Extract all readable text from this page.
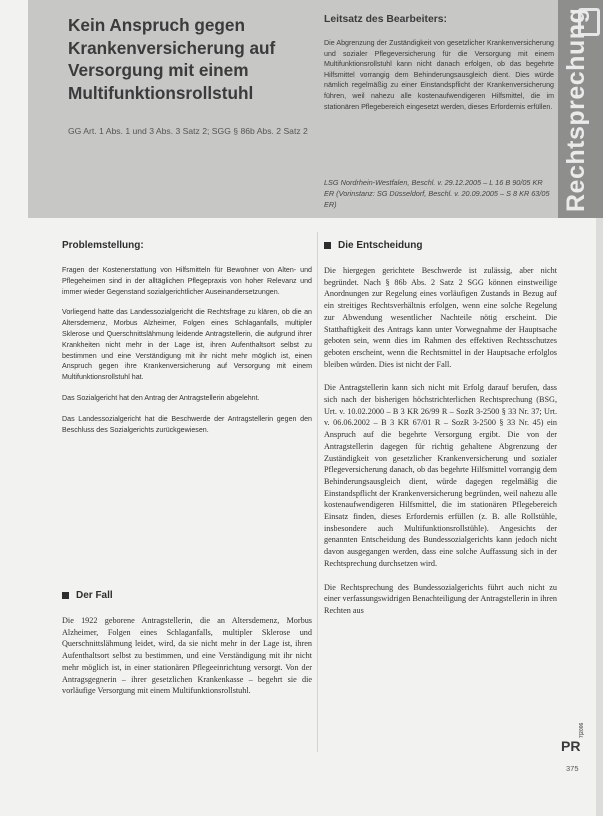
Kein Anspruch gegen Krankenversicherung auf Versorgung mit einem Multifunktionsrollstuhl

GG Art. 1 Abs. 1 und 3 Abs. 3 Satz 2; SGG § 86b Abs. 2 Satz 2

Leitsatz des Bearbeiters:

Die Abgrenzung der Zuständigkeit von gesetzlicher Krankenversicherung und sozialer Pflegeversicherung für die Versorgung mit einem Multifunktionsrollstuhl kann nicht danach erfolgen, ob das begehrte Hilfsmittel vorrangig dem Behinderungsausgleich dient. Dies würde nämlich regelmäßig zu einer Einstandspflicht der Krankenversicherung führen, weil nahezu alle kostenaufwendigeren Hilfsmittel, die im stationären Pflegebereich eingesetzt werden, dieses Erfordernis erfüllen.

LSG Nordrhein-Westfalen, Beschl. v. 29.12.2005 – L 16 B 90/05 KR ER (Vorinstanz: SG Düsseldorf, Beschl. v. 20.09.2005 – S 8 KR 63/05 ER)	Rechtsprechung
Problemstellung:

Fragen der Kostenerstattung von Hilfsmitteln für Bewohner von Alten- und Pflegeheimen sind in der alltäglichen Pflegepraxis von hoher Relevanz und immer wieder Gegenstand sozialgerichtlicher Auseinandersetzungen.

Vorliegend hatte das Landessozialgericht die Rechtsfrage zu klären, ob die an Altersdemenz, Morbus Alzheimer, Folgen eines Schlaganfalls, multipler Sklerose und Querschnittslähmung leidende Antragstellerin, die aufgrund ihrer Krankheiten nicht mehr in der Lage ist, ihren Aufenthaltsort selbst zu bestimmen und eine Verständigung mit ihr nicht mehr möglich ist, einen Anspruch gegen ihre Krankenversicherung auf Versorgung mit einem Multifunktionsrollstuhl hat.

Das Sozialgericht hat den Antrag der Antragstellerin abgelehnt.

Das Landessozialgericht hat die Beschwerde der Antragstellerin gegen den Beschluss des Sozialgerichts zurückgewiesen.

Der Fall

Die 1922 geborene Antragstellerin, die an Altersdemenz, Morbus Alzheimer, Folgen eines Schlaganfalls, multipler Sklerose und Querschnittslähmung leidet, wird, da sie nicht mehr in der Lage ist, ihren Aufenthaltsort selbst zu bestimmen, und eine Verständigung mit ihr nicht mehr möglich ist, in einer stationären Pflegeeinrichtung versorgt. Von der Antragsgegnerin – ihrer gesetzlichen Krankenkasse – begehrt sie die vorläufige Versorgung mit einem Multifunktionsrollstuhl.

Die Entscheidung

Die hiergegen gerichtete Beschwerde ist zulässig, aber nicht begründet. Nach § 86b Abs. 2 Satz 2 SGG können einstweilige Anordnungen zur Regelung eines vorläufigen Zustands in Bezug auf ein streitiges Rechtsverhältnis erfolgen, wenn eine solche Regelung zur Abwendung wesentlicher Nachteile nötig erscheint. Die Statthaftigkeit des Antrags kann unter Vorwegnahme der Hauptsache geboten sein, wenn dies im Rahmen des effektiven Rechtsschutzes geboten erscheint, wenn die Rechtsmittel in der Hauptsache erfolglos bleiben würden. Dies ist nicht der Fall.

Die Antragstellerin kann sich nicht mit Erfolg darauf berufen, dass sich nach der bisherigen höchstrichterlichen Rechtsprechung (BSG, Urt. v. 10.02.2000 – B 3 KR 26/99 R – SozR 3-2500 § 33 Nr. 37; Urt. v. 06.06.2002 – B 3 KR 67/01 R – SozR 3-2500 § 33 Nr. 45) ein Anspruch auf die begehrte Versorgung ergibt. Die von der Antragstellerin dagegen für richtig gehaltene Abgrenzung der Zuständigkeit von gesetzlicher Krankenversicherung und sozialer Pflegeversicherung danach, ob das begehrte Hilfsmittel vorrangig dem Behinderungsausgleich dient, würde dagegen regelmäßig die Einstandspflicht der Krankenversicherung begründen, weil nahezu alle kostenaufwendigeren Hilfsmittel, die im stationären Pflegebereich Einsatz finden, dieses Erfordernis erfüllen (z. B. alle Rollstühle, insbesondere auch Multifunktionsrollstühle). Angesichts der genannten Entscheidung des Bundessozialgerichts kann jedoch nicht davon ausgegangen werden, dass eine solche Auffassung sich in der Rechtsprechung durchsetzen wird.

Die Rechtsprechung des Bundessozialgerichts führt auch nicht zu einer verfassungswidrigen Benachteiligung der Antragstellerin in ihren Rechten aus

PR
7|2006
375
